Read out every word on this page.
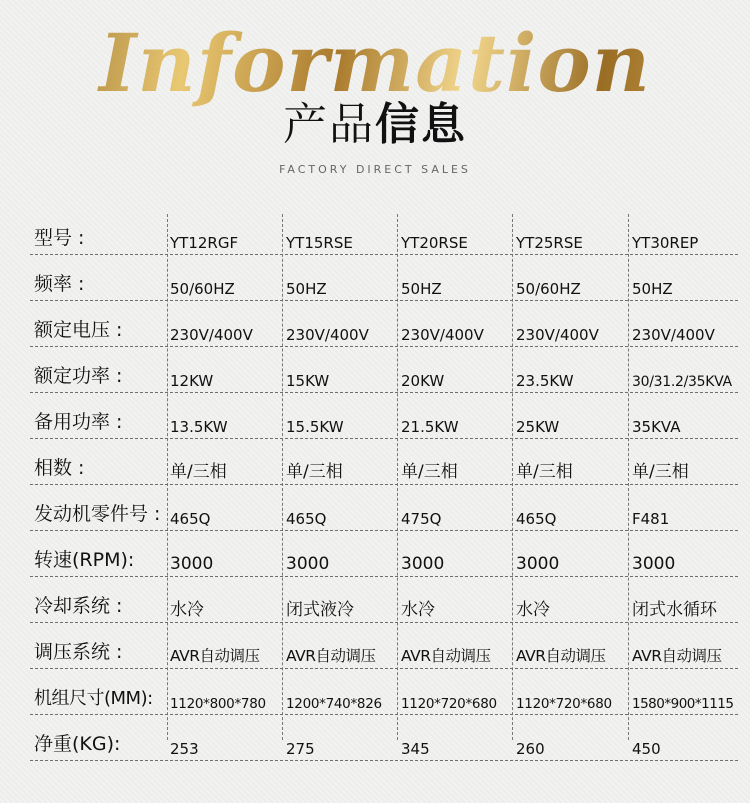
Information
产品信息
FACTORY DIRECT SALES
型号 :	YT12RGF	YT15RSE	YT20RSE	YT25RSE	YT30REP
频率 :	50/60HZ	50HZ	50HZ	50/60HZ	50HZ
额定电压 :	230V/400V 230V/400V 230V/400V 230V/400V 230V/400V
额定功率 :	12KW	15KW	20KW	23.5KW	30/31.2/35KVA
备用功率 :	13.5KW	15.5KW	21.5KW	25KW	35KVA
相数 :	单/三相	单/三相	单/三相	单/三相	单/三相
发动机零件号 : 465Q	465Q	475Q	465Q	F481
转速(RPM): 3000	3000	3000	3000	3000
冷却系统 :	水冷	闭式液冷	水冷	水冷	闭式水循环
调压系统 :	AVR自动调压 AVR自动调压 AVR自动调压 AVR自动调压 AVR自动调压
机组尺寸(MM): 1120*800*780 1200*740*826 1120*720*680 1120*720*680 1580*900*1115
净重(KG):	253	275	345	260	450
